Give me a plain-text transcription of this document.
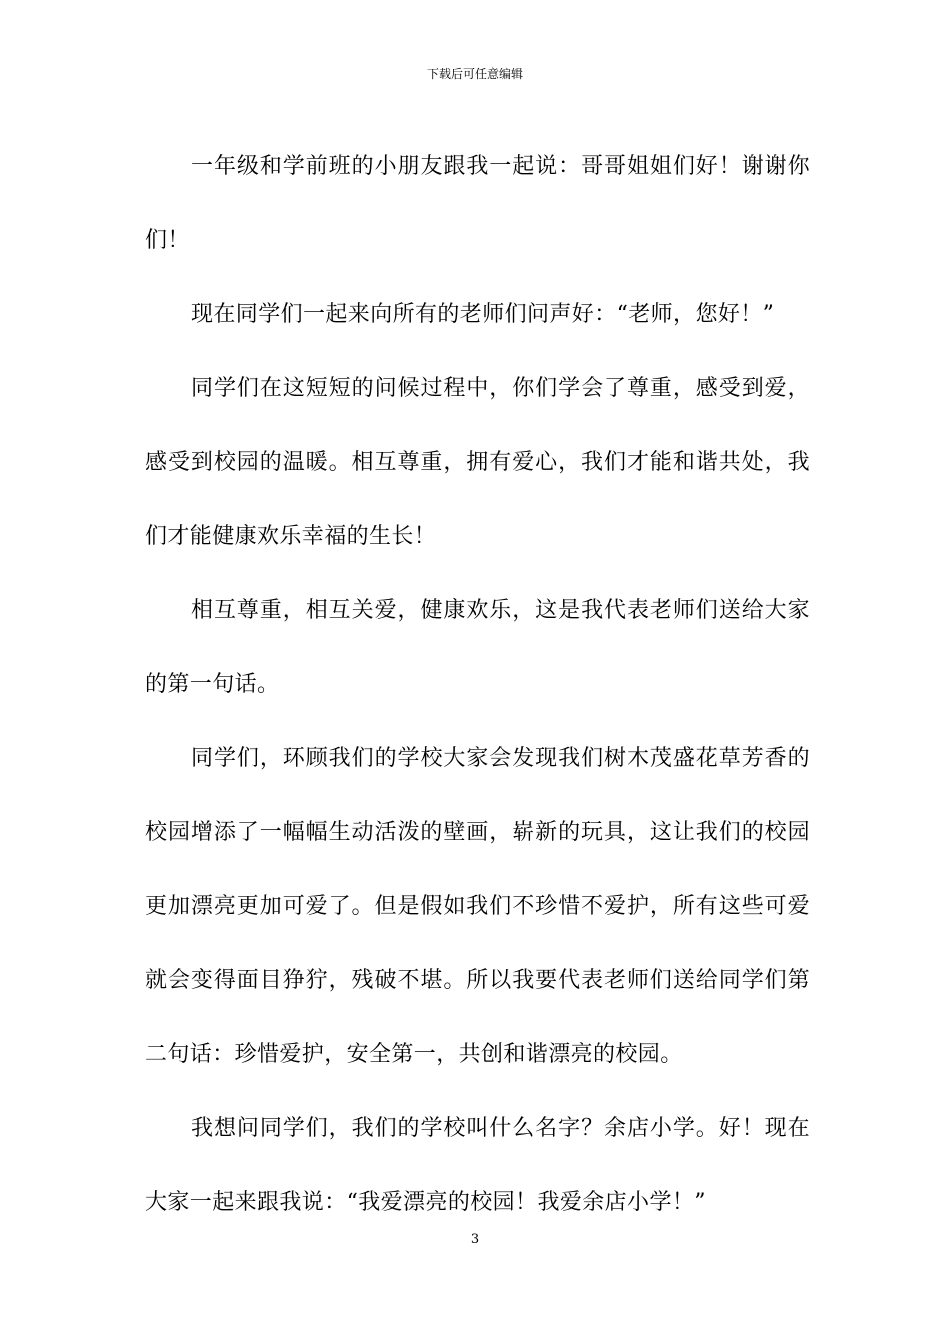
下载后可任意编辑

一年级和学前班的小朋友跟我一起说：哥哥姐姐们好！谢谢你们！

现在同学们一起来向所有的老师们问声好：“老师，您好！”

同学们在这短短的问候过程中，你们学会了尊重，感受到爱，感受到校园的温暖。相互尊重，拥有爱心，我们才能和谐共处，我们才能健康欢乐幸福的生长！

相互尊重，相互关爱，健康欢乐，这是我代表老师们送给大家的第一句话。

同学们，环顾我们的学校大家会发现我们树木茂盛花草芳香的校园增添了一幅幅生动活泼的壁画，崭新的玩具，这让我们的校园更加漂亮更加可爱了。但是假如我们不珍惜不爱护，所有这些可爱就会变得面目狰狞，残破不堪。所以我要代表老师们送给同学们第二句话：珍惜爱护，安全第一，共创和谐漂亮的校园。

我想问同学们，我们的学校叫什么名字？余店小学。好！现在大家一起来跟我说：“我爱漂亮的校园！我爱余店小学！”

3
